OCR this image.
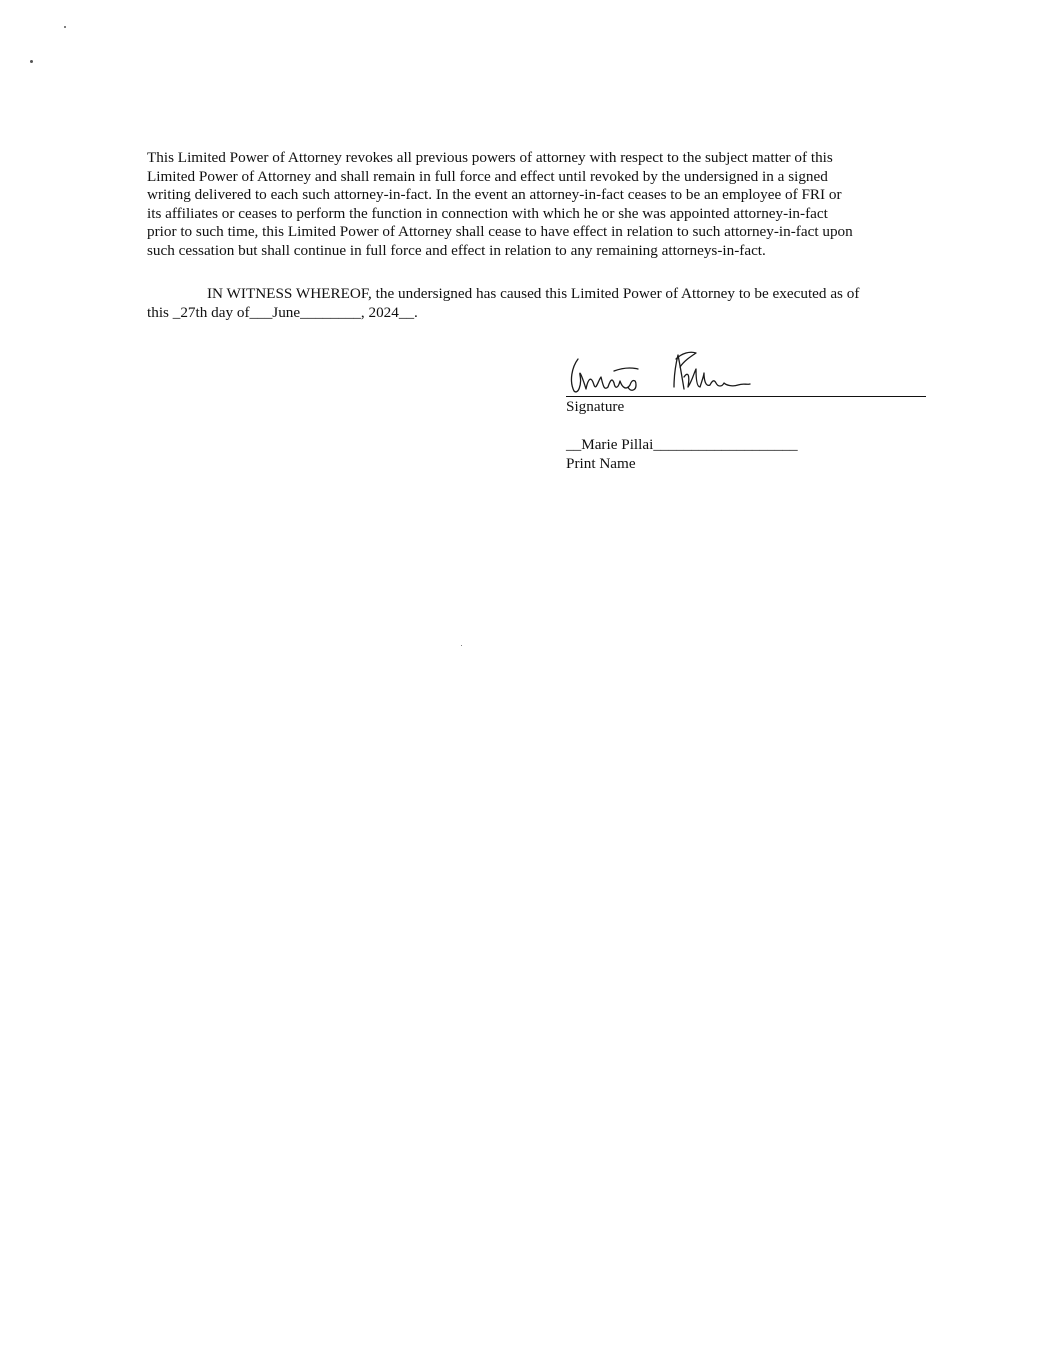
This Limited Power of Attorney revokes all previous powers of attorney with respect to the subject matter of this
Limited Power of Attorney and shall remain in full force and effect until revoked by the undersigned in a signed
writing delivered to each such attorney-in-fact. In the event an attorney-in-fact ceases to be an employee of FRI or
its affiliates or ceases to perform the function in connection with which he or she was appointed attorney-in-fact
prior to such time, this Limited Power of Attorney shall cease to have effect in relation to such attorney-in-fact upon
such cessation but shall continue in full force and effect in relation to any remaining attorneys-in-fact.

IN WITNESS WHEREOF, the undersigned has caused this Limited Power of Attorney to be executed as of
this _27th day of___June________, 2024__.

Signature
__Marie Pillai___________________
Print Name
